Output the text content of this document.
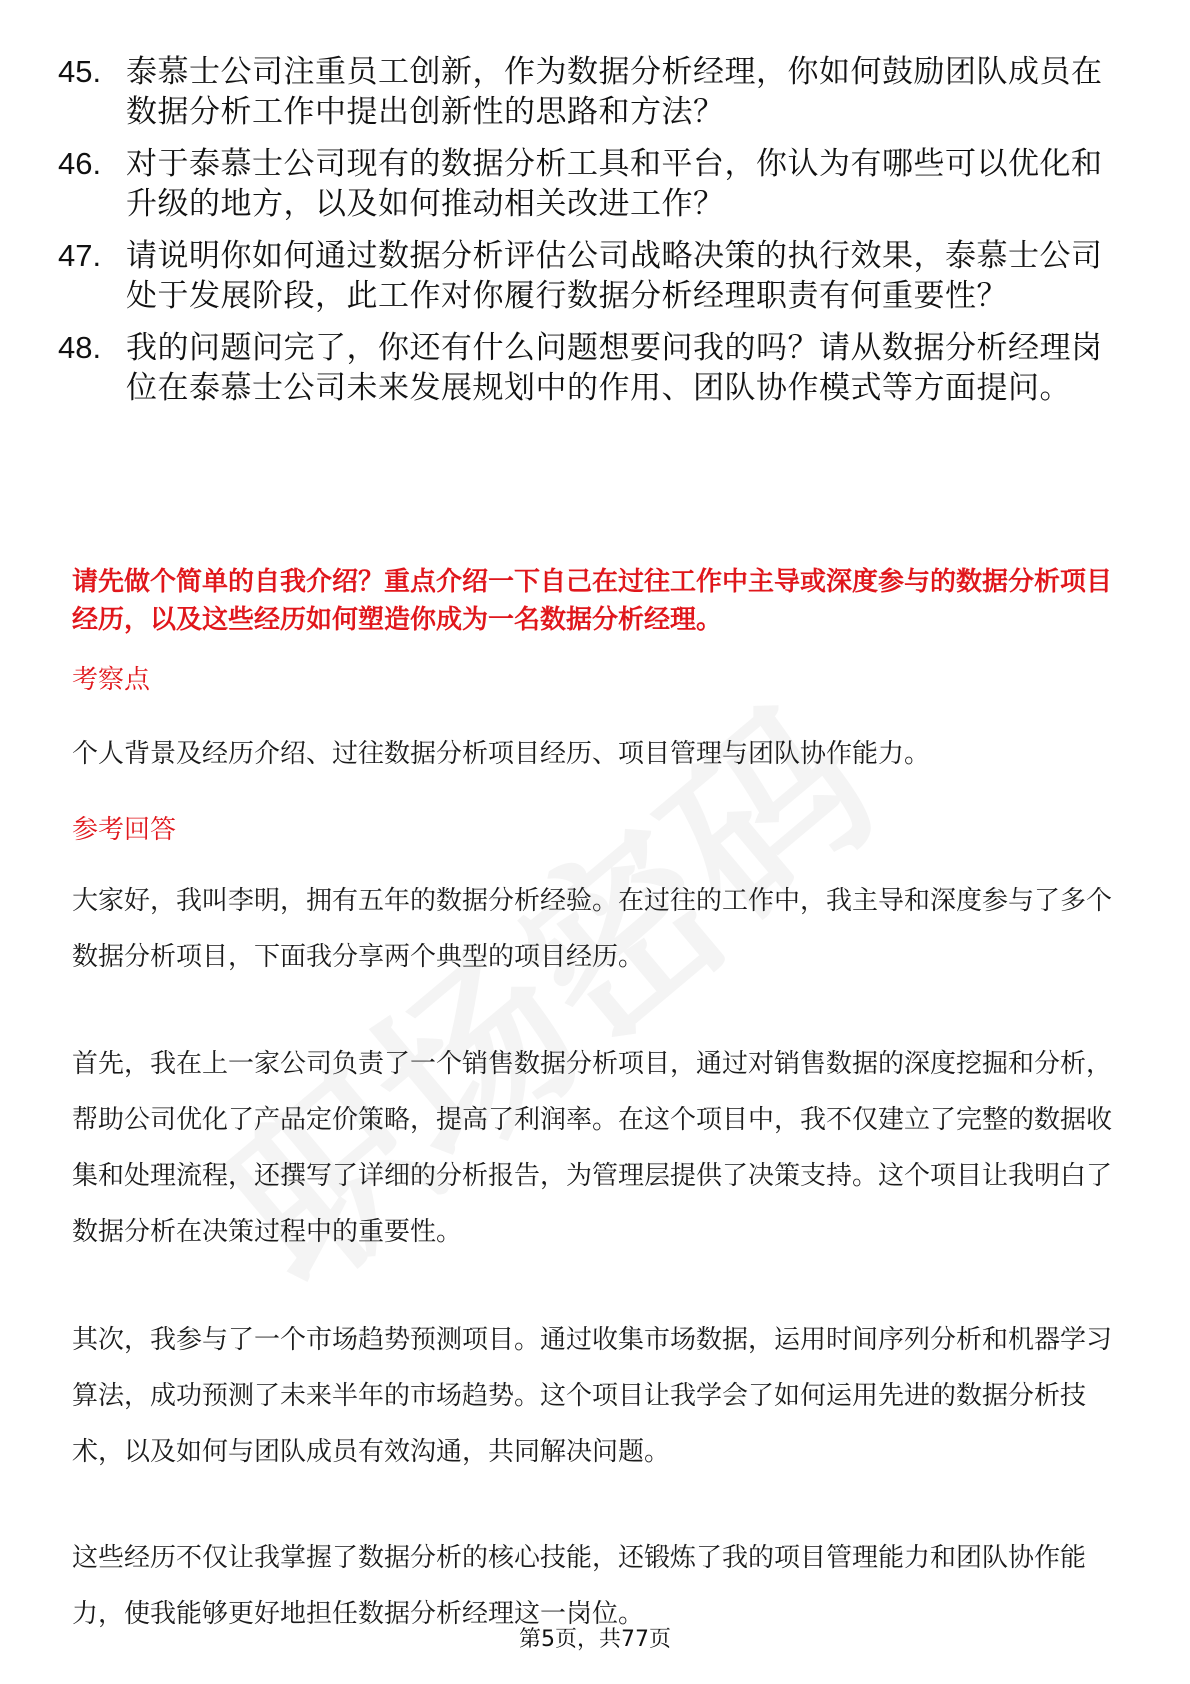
45. 泰慕士公司注重员工创新，作为数据分析经理，你如何鼓励团队成员在数据分析工作中提出创新性的思路和方法？
46. 对于泰慕士公司现有的数据分析工具和平台，你认为有哪些可以优化和升级的地方，以及如何推动相关改进工作？
47. 请说明你如何通过数据分析评估公司战略决策的执行效果，泰慕士公司处于发展阶段，此工作对你履行数据分析经理职责有何重要性？
48. 我的问题问完了，你还有什么问题想要问我的吗？请从数据分析经理岗位在泰慕士公司未来发展规划中的作用、团队协作模式等方面提问。
请先做个简单的自我介绍？重点介绍一下自己在过往工作中主导或深度参与的数据分析项目经历，以及这些经历如何塑造你成为一名数据分析经理。
考察点
个人背景及经历介绍、过往数据分析项目经历、项目管理与团队协作能力。
参考回答
大家好，我叫李明，拥有五年的数据分析经验。在过往的工作中，我主导和深度参与了多个数据分析项目，下面我分享两个典型的项目经历。
首先，我在上一家公司负责了一个销售数据分析项目，通过对销售数据的深度挖掘和分析，帮助公司优化了产品定价策略，提高了利润率。在这个项目中，我不仅建立了完整的数据收集和处理流程，还撰写了详细的分析报告，为管理层提供了决策支持。这个项目让我明白了数据分析在决策过程中的重要性。
其次，我参与了一个市场趋势预测项目。通过收集市场数据，运用时间序列分析和机器学习算法，成功预测了未来半年的市场趋势。这个项目让我学会了如何运用先进的数据分析技术，以及如何与团队成员有效沟通，共同解决问题。
这些经历不仅让我掌握了数据分析的核心技能，还锻炼了我的项目管理能力和团队协作能力，使我能够更好地担任数据分析经理这一岗位。
第5页，共77页
